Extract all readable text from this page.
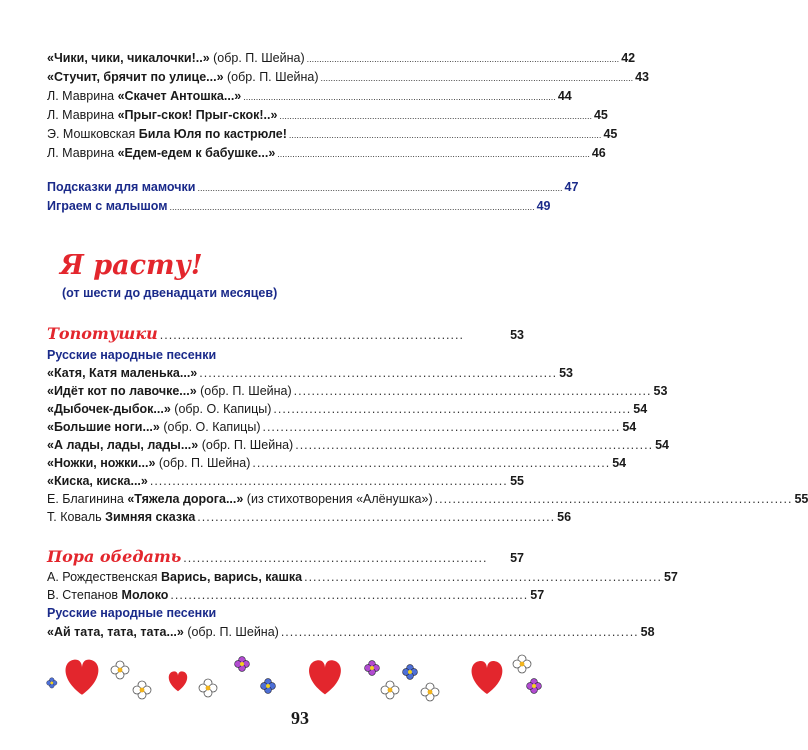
«Чики, чики, чикалочки!..» (обр. П. Шейна) ............................................................................................................................. 42
«Стучит, брячит по улице...» (обр. П. Шейна) ............................................................................................................................. 43
Л. Маврина «Скачет Антошка...» ............................................................................................................................. 44
Л. Маврина «Прыг-скок! Прыг-скок!..» ............................................................................................................................. 45
Э. Мошковская Била Юля по кастрюле! ............................................................................................................................. 45
Л. Маврина «Едем-едем к бабушке...» ............................................................................................................................. 46
Подсказки для мамочки .................................................................................................................................................. 47
Играем с малышом .................................................................................................................................................. 49
Я расту!
(от шести до двенадцати месяцев)
Топотушки ....................................................................	53
Русские народные песенки
«Катя, Катя маленька...» ................................................................................ 53
«Идёт кот по лавочке...» (обр. П. Шейна) ................................................................................ 53
«Дыбочек-дыбок...» (обр. О. Капицы) ................................................................................ 54
«Большие ноги...» (обр. О. Капицы) ................................................................................ 54
«А лады, лады, лады...» (обр. П. Шейна) ................................................................................ 54
«Ножки, ножки...» (обр. П. Шейна) ................................................................................ 54
«Киска, киска...» ................................................................................ 55
Е. Благинина «Тяжела дорога...» (из стихотворения «Алёнушка») ................................................................................ 55
Т. Коваль Зимняя сказка ................................................................................ 56
Пора обедать ....................................................................	57
А. Рождественская Варись, варись, кашка ................................................................................ 57
В. Степанов Молоко ................................................................................ 57
Русские народные песенки
«Ай тата, тата, тата...» (обр. П. Шейна) ................................................................................ 58
93
